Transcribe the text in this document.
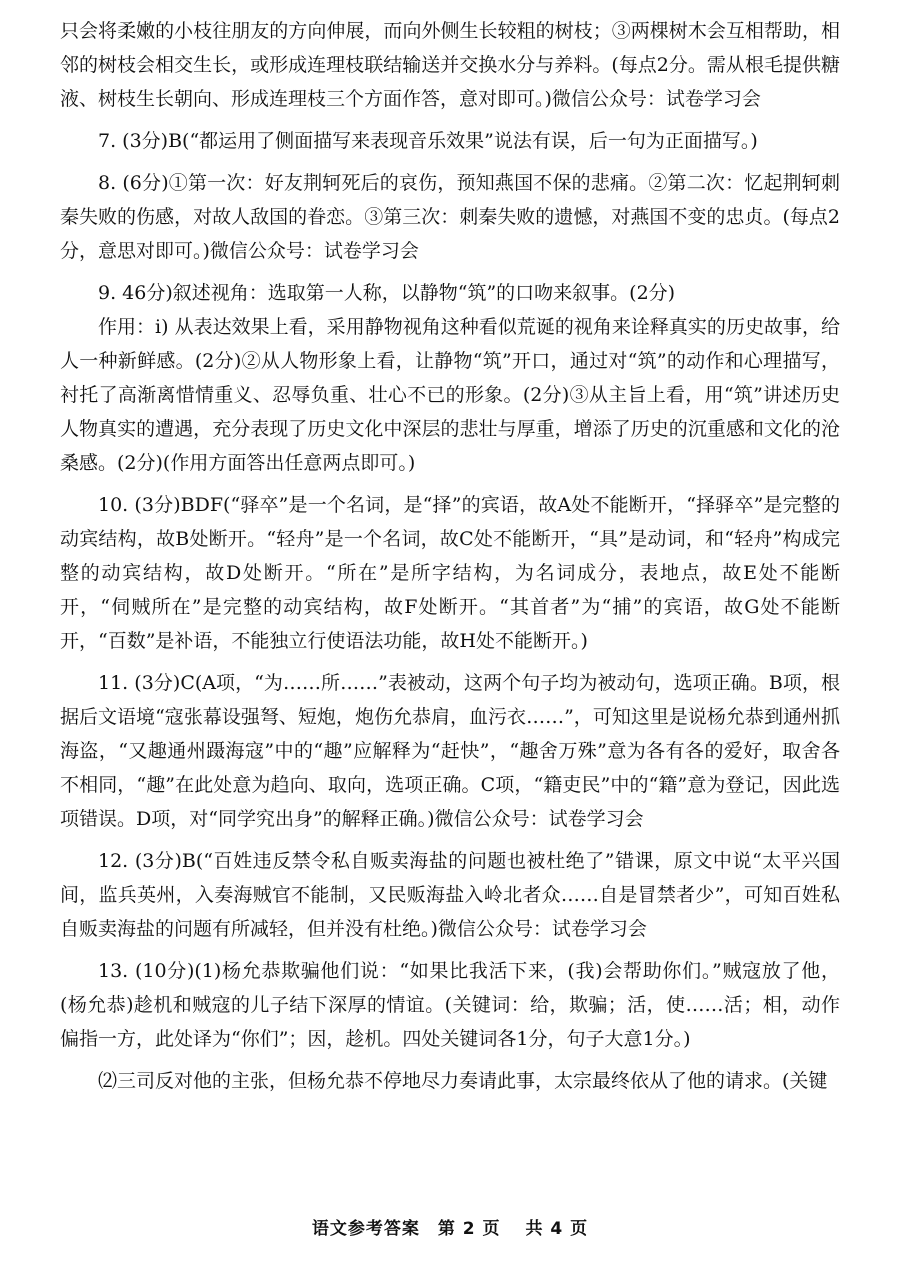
只会将柔嫩的小枝往朋友的方向伸展，而向外侧生长较粗的树枝；③两棵树木会互相帮助，相邻的树枝会相交生长，或形成连理枝联结输送并交换水分与养料。(每点2分。需从根毛提供糖液、树枝生长朝向、形成连理枝三个方面作答，意对即可。)微信公众号：试卷学习会

7. (3分)B(“都运用了侧面描写来表现音乐效果”说法有误，后一句为正面描写。)

8. (6分)①第一次：好友荆轲死后的哀伤，预知燕国不保的悲痛。②第二次：忆起荆轲刺秦失败的伤感，对故人敌国的眷恋。③第三次：刺秦失败的遗憾，对燕国不变的忠贞。(每点2分，意思对即可。)微信公众号：试卷学习会

9. 46分)叙述视角：选取第一人称，以静物“筑”的口吻来叙事。(2分)

作用：i) 从表达效果上看，采用静物视角这种看似荒诞的视角来诠释真实的历史故事，给人一种新鲜感。(2分)②从人物形象上看，让静物“筑”开口，通过对“筑”的动作和心理描写，衬托了高渐离惜情重义、忍辱负重、壮心不已的形象。(2分)③从主旨上看，用“筑”讲述历史人物真实的遭遇，充分表现了历史文化中深层的悲壮与厚重，增添了历史的沉重感和文化的沧桑感。(2分)(作用方面答出任意两点即可。)

10. (3分)BDF(“驿卒”是一个名词，是“择”的宾语，故A处不能断开，“择驿卒”是完整的动宾结构，故B处断开。“轻舟”是一个名词，故C处不能断开，“具”是动词，和“轻舟”构成完整的动宾结构，故D处断开。“所在”是所字结构，为名词成分，表地点，故E处不能断开，“伺贼所在”是完整的动宾结构，故F处断开。“其首者”为“捕”的宾语，故G处不能断开，“百数”是补语，不能独立行使语法功能，故H处不能断开。)

11. (3分)C(A项，“为……所……”表被动，这两个句子均为被动句，选项正确。B项，根据后文语境“寇张幕设强弩、短炮，炮伤允恭肩，血污衣……”，可知这里是说杨允恭到通州抓海盗，“又趣通州蹑海寇”中的“趣”应解释为“赶快”，“趣舍万殊”意为各有各的爱好，取舍各不相同，“趣”在此处意为趋向、取向，选项正确。C项，“籍吏民”中的“籍”意为登记，因此选项错误。D项，对“同学究出身”的解释正确。)微信公众号：试卷学习会

12. (3分)B(“百姓违反禁令私自贩卖海盐的问题也被杜绝了”错课，原文中说“太平兴国间，监兵英州，入奏海贼官不能制，又民贩海盐入岭北者众……自是冒禁者少”，可知百姓私自贩卖海盐的问题有所减轻，但并没有杜绝。)微信公众号：试卷学习会

13. (10分)(1)杨允恭欺骗他们说：“如果比我活下来，(我)会帮助你们。”贼寇放了他，(杨允恭)趁机和贼寇的儿子结下深厚的情谊。(关键词：给，欺骗；活，使……活；相，动作偏指一方，此处译为“你们”；因，趁机。四处关键词各1分，句子大意1分。)

⑵三司反对他的主张，但杨允恭不停地尽力奏请此事，太宗最终依从了他的请求。(关键

语文参考答案　第 2 页　 共 4 页
